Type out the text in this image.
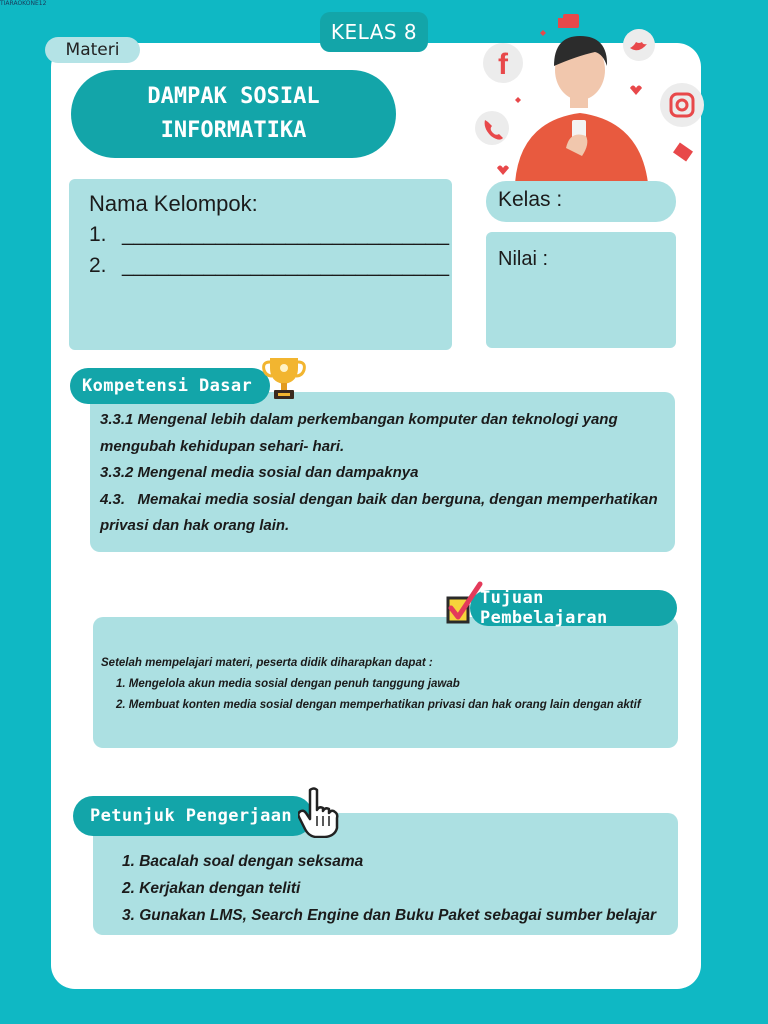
TIARAOKONE12
KELAS 8
Materi
DAMPAK SOSIAL
INFORMATIKA
f
Nama Kelompok:
1. ____________________________
2. ____________________________
Kelas :
Nilai :
Kompetensi Dasar
3.3.1 Mengenal lebih dalam perkembangan komputer dan teknologi yang
mengubah kehidupan sehari- hari.
3.3.2 Mengenal media sosial dan dampaknya
4.3.   Memakai media sosial dengan baik dan berguna, dengan memperhatikan
privasi dan hak orang lain.
Tujuan Pembelajaran
Setelah mempelajari materi, peserta didik diharapkan dapat :
1. Mengelola akun media sosial dengan penuh tanggung jawab
2. Membuat konten media sosial dengan memperhatikan privasi dan hak orang lain dengan aktif
Petunjuk Pengerjaan
1. Bacalah soal dengan seksama
2. Kerjakan dengan teliti
3. Gunakan LMS, Search Engine dan Buku Paket sebagai sumber belajar
